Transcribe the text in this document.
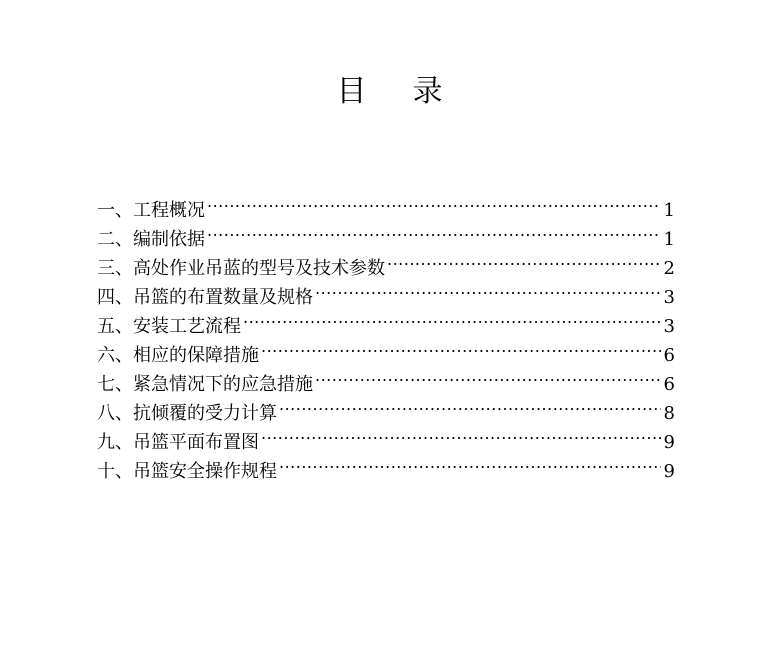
目 录
一、 工程概况 .....	1
二、 编制依据 .....	1
三、 高处作业吊蓝的型号及技术参数 .....	2
四、 吊篮的布置数量及规格 .....	3
五、 安装工艺流程 .....	3
六、 相应的保障措施 .....	6
七、 紧急情况下的应急措施 .....	6
八、 抗倾覆的受力计算 .....	8
九、 吊篮平面布置图 .....	9
十、 吊篮安全操作规程 .....	9
